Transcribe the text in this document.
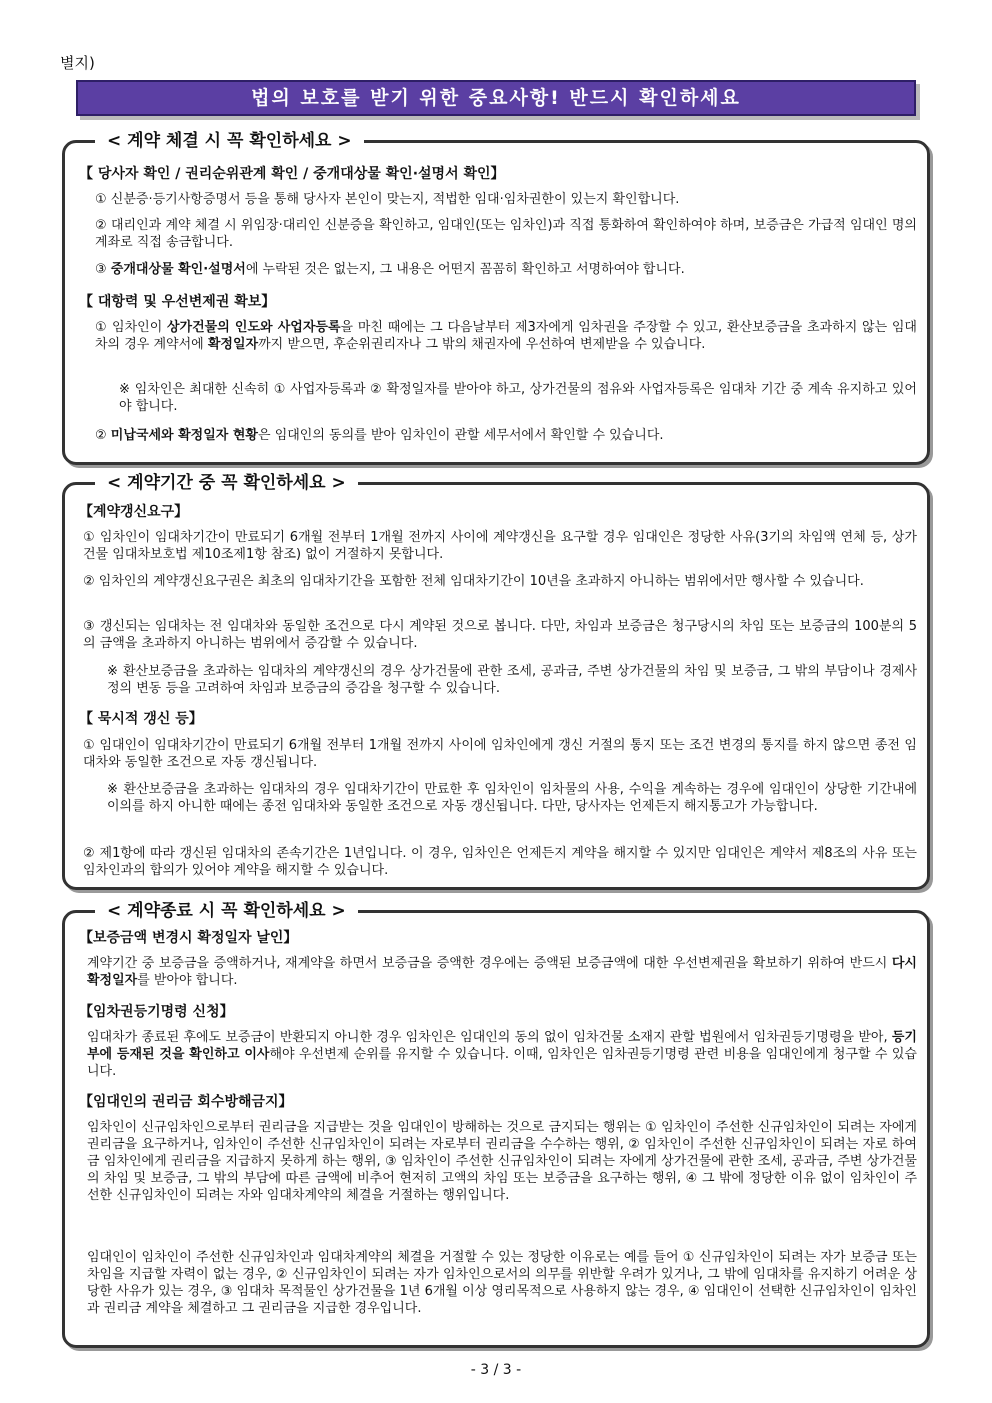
별지)
법의 보호를 받기 위한 중요사항! 반드시 확인하세요
< 계약 체결 시 꼭 확인하세요 >
【 당사자 확인 / 권리순위관계 확인 / 중개대상물 확인·설명서 확인】
① 신분증·등기사항증명서 등을 통해 당사자 본인이 맞는지, 적법한 임대·임차권한이 있는지 확인합니다.
② 대리인과 계약 체결 시 위임장·대리인 신분증을 확인하고, 임대인(또는 임차인)과 직접 통화하여 확인하여야 하며, 보증금은 가급적 임대인 명의 계좌로 직접 송금합니다.
③ 중개대상물 확인·설명서에 누락된 것은 없는지, 그 내용은 어떤지 꼼꼼히 확인하고 서명하여야 합니다.
【 대항력 및 우선변제권 확보】
① 임차인이 상가건물의 인도와 사업자등록을 마친 때에는 그 다음날부터 제3자에게 임차권을 주장할 수 있고, 환산보증금을 초과하지 않는 임대차의 경우 계약서에 확정일자까지 받으면, 후순위권리자나 그 밖의 채권자에 우선하여 변제받을 수 있습니다.
※ 임차인은 최대한 신속히 ① 사업자등록과 ② 확정일자를 받아야 하고, 상가건물의 점유와 사업자등록은 임대차 기간 중 계속 유지하고 있어야 합니다.
② 미납국세와 확정일자 현황은 임대인의 동의를 받아 임차인이 관할 세무서에서 확인할 수 있습니다.
< 계약기간 중 꼭 확인하세요 >
【계약갱신요구】
① 임차인이 임대차기간이 만료되기 6개월 전부터 1개월 전까지 사이에 계약갱신을 요구할 경우 임대인은 정당한 사유(3기의 차임액 연체 등, 상가건물 임대차보호법 제10조제1항 참조) 없이 거절하지 못합니다.
② 임차인의 계약갱신요구권은 최초의 임대차기간을 포함한 전체 임대차기간이 10년을 초과하지 아니하는 범위에서만 행사할 수 있습니다.
③ 갱신되는 임대차는 전 임대차와 동일한 조건으로 다시 계약된 것으로 봅니다. 다만, 차임과 보증금은 청구당시의 차임 또는 보증금의 100분의 5의 금액을 초과하지 아니하는 범위에서 증감할 수 있습니다.
※ 환산보증금을 초과하는 임대차의 계약갱신의 경우 상가건물에 관한 조세, 공과금, 주변 상가건물의 차임 및 보증금, 그 밖의 부담이나 경제사정의 변동 등을 고려하여 차임과 보증금의 증감을 청구할 수 있습니다.
【 묵시적 갱신 등】
① 임대인이 임대차기간이 만료되기 6개월 전부터 1개월 전까지 사이에 임차인에게 갱신 거절의 통지 또는 조건 변경의 통지를 하지 않으면 종전 임대차와 동일한 조건으로 자동 갱신됩니다.
※ 환산보증금을 초과하는 임대차의 경우 임대차기간이 만료한 후 임차인이 임차물의 사용, 수익을 계속하는 경우에 임대인이 상당한 기간내에 이의를 하지 아니한 때에는 종전 임대차와 동일한 조건으로 자동 갱신됩니다. 다만, 당사자는 언제든지 해지통고가 가능합니다.
② 제1항에 따라 갱신된 임대차의 존속기간은 1년입니다. 이 경우, 임차인은 언제든지 계약을 해지할 수 있지만 임대인은 계약서 제8조의 사유 또는 임차인과의 합의가 있어야 계약을 해지할 수 있습니다.
< 계약종료 시 꼭 확인하세요 >
【보증금액 변경시 확정일자 날인】
계약기간 중 보증금을 증액하거나, 재계약을 하면서 보증금을 증액한 경우에는 증액된 보증금액에 대한 우선변제권을 확보하기 위하여 반드시 다시 확정일자를 받아야 합니다.
【임차권등기명령 신청】
임대차가 종료된 후에도 보증금이 반환되지 아니한 경우 임차인은 임대인의 동의 없이 임차건물 소재지 관할 법원에서 임차권등기명령을 받아, 등기부에 등재된 것을 확인하고 이사해야 우선변제 순위를 유지할 수 있습니다. 이때, 임차인은 임차권등기명령 관련 비용을 임대인에게 청구할 수 있습니다.
【임대인의 권리금 회수방해금지】
임차인이 신규임차인으로부터 권리금을 지급받는 것을 임대인이 방해하는 것으로 금지되는 행위는 ① 임차인이 주선한 신규임차인이 되려는 자에게 권리금을 요구하거나, 임차인이 주선한 신규임차인이 되려는 자로부터 권리금을 수수하는 행위, ② 임차인이 주선한 신규임차인이 되려는 자로 하여금 임차인에게 권리금을 지급하지 못하게 하는 행위, ③ 임차인이 주선한 신규임차인이 되려는 자에게 상가건물에 관한 조세, 공과금, 주변 상가건물의 차임 및 보증금, 그 밖의 부담에 따른 금액에 비추어 현저히 고액의 차임 또는 보증금을 요구하는 행위, ④ 그 밖에 정당한 이유 없이 임차인이 주선한 신규임차인이 되려는 자와 임대차계약의 체결을 거절하는 행위입니다.
임대인이 임차인이 주선한 신규임차인과 임대차계약의 체결을 거절할 수 있는 정당한 이유로는 예를 들어 ① 신규임차인이 되려는 자가 보증금 또는 차임을 지급할 자력이 없는 경우, ② 신규임차인이 되려는 자가 임차인으로서의 의무를 위반할 우려가 있거나, 그 밖에 임대차를 유지하기 어려운 상당한 사유가 있는 경우, ③ 임대차 목적물인 상가건물을 1년 6개월 이상 영리목적으로 사용하지 않는 경우, ④ 임대인이 선택한 신규임차인이 임차인과 권리금 계약을 체결하고 그 권리금을 지급한 경우입니다.
- 3 / 3 -
